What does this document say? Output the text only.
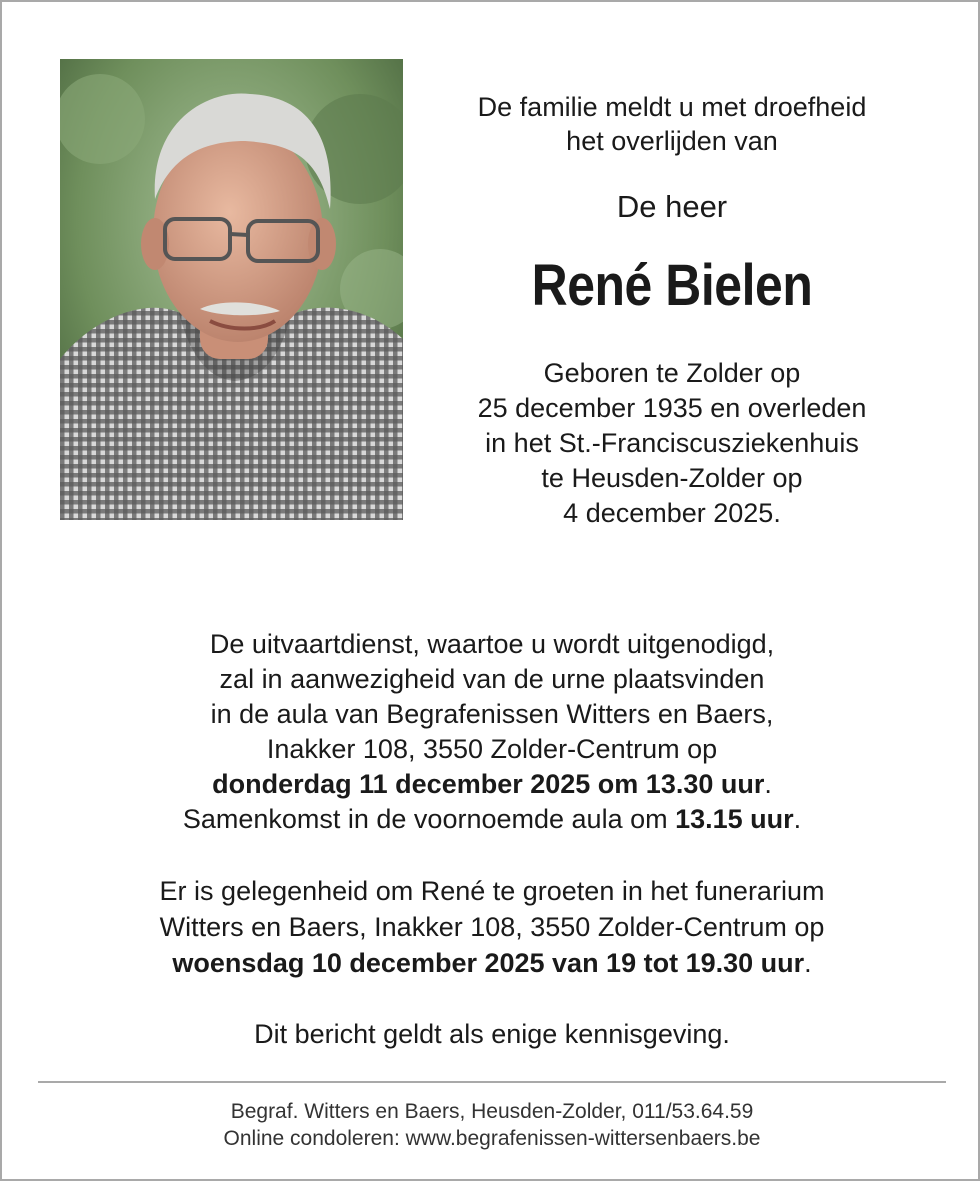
De familie meldt u met droefheid
het overlijden van
De heer
René Bielen
Geboren te Zolder op
25 december 1935 en overleden
in het St.-Franciscusziekenhuis
te Heusden-Zolder op
4 december 2025.

De uitvaartdienst, waartoe u wordt uitgenodigd,

zal in aanwezigheid van de urne plaatsvinden

in de aula van Begrafenissen Witters en Baers,

Inakker 108, 3550 Zolder-Centrum op

donderdag 11 december 2025 om 13.30 uur.

Samenkomst in de voornoemde aula om 13.15 uur.

Er is gelegenheid om René te groeten in het funerarium
Witters en Baers, Inakker 108, 3550 Zolder-Centrum op
woensdag 10 december 2025 van 19 tot 19.30 uur.
Dit bericht geldt als enige kennisgeving.
Begraf. Witters en Baers, Heusden-Zolder, 011/53.64.59
Online condoleren: www.begrafenissen-wittersenbaers.be
